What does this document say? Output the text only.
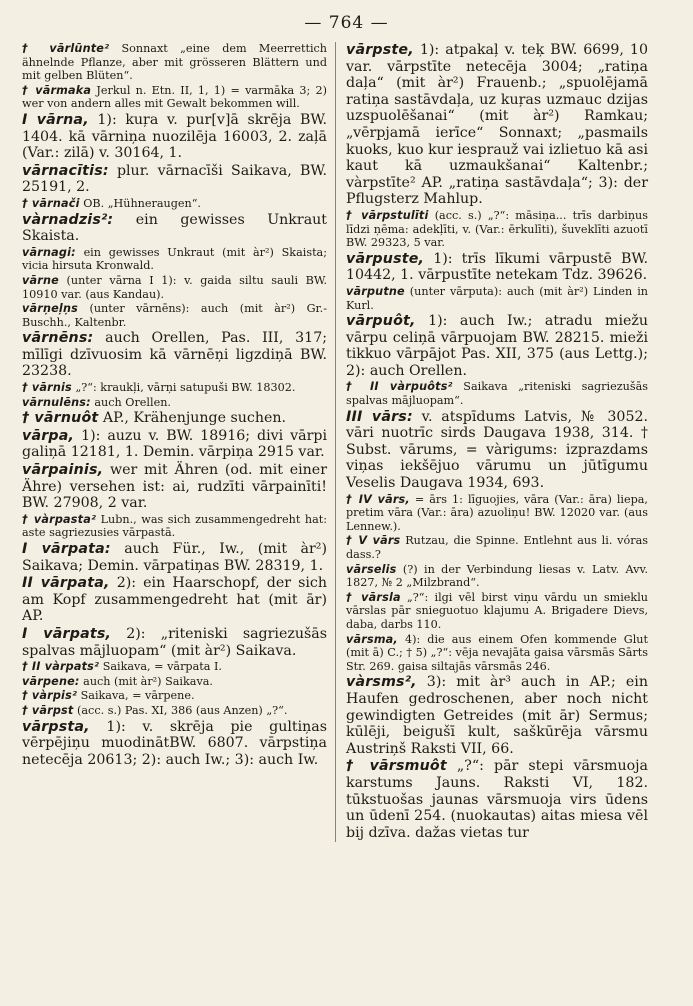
— 764 —
† vārlūnte² Sonnaxt „eine dem Meerrettich ähnelnde Pflanze, aber mit grösseren Blättern und mit gelben Blüten“.
† vārmaka Jerkul n. Etn. II, 1, 1) = varmāka 3; 2) wer von andern alles mit Gewalt bekommen will.
I vārna, 1): kuŗa v. pur[v]ā skrēja BW. 1404. kā vārniņa nuozilēja 16003, 2. zaļā (Var.: zilā) v. 30164, 1.
vārnacītis: plur. vārnacīši Saikava, BW. 25191, 2.
† vārnači OB. „Hühneraugen“.
vàrnadzis²: ein gewisses Unkraut Skaista.
vārnagi: ein gewisses Unkraut (mit àr²) Skaista; vicia hirsuta Kronwald.
vārne (unter vārna I 1): v. gaida siltu sauli BW. 10910 var. (aus Kandau).
vārņeļņs (unter vārnēns): auch (mit àr²) Gr.-Buschh., Kaltenbr.
vārnēns: auch Orellen, Pas. III, 317; mīlīgi dzīvuosim kā vārnēņi ligzdiņā BW. 23238.
† vārnis „?“: kraukļi, vārņi satupuši BW. 18302.
vārnulēns: auch Orellen.
† vārnuôt AP., Krähenjunge suchen.
vārpa, 1): auzu v. BW. 18916; divi vārpi galiņā 12181, 1. Demin. vārpiņa 2915 var.
vārpainis, wer mit Ähren (od. mit einer Ähre) versehen ist: ai, rudzīti vārpainīti! BW. 27908, 2 var.
† vàrpasta² Lubn., was sich zusammengedreht hat: aste sagriezusies vārpastā.
I vārpata: auch Für., Iw., (mit àr²) Saikava; Demin. vārpatiņas BW. 28319, 1.
II vārpata, 2): ein Haarschopf, der sich am Kopf zusammengedreht hat (mit ār) AP.
I vārpats, 2): „riteniski sagriezušās spalvas mājluopam“ (mit àr²) Saikava.
† II vàrpats² Saikava, = vārpata I.
vārpene: auch (mit àr²) Saikava.
† vàrpis² Saikava, = vārpene.
† vārpst (acc. s.) Pas. XI, 386 (aus Anzen) „?“.
vārpsta, 1): v. skrēja pie gultiņas vērpējiņu muodinātBW. 6807. vārpstiņa netecēja 20613; 2): auch Iw.; 3): auch Iw.
vārpste, 1): atpakaļ v. teķ BW. 6699, 10 var. vārpstīte netecēja 3004; „ratiņa daļa“ (mit àr²) Frauenb.; „spuolējamā ratiņa sastāvdaļa, uz kuŗas uzmauc dzijas uzspuolēšanai“ (mit àr²) Ramkau; „vērpjamā ierīce“ Sonnaxt; „pasmails kuoks, kuo kur iesprauž vai izlietuo kā asi kaut kā uzmaukšanai“ Kaltenbr.; vàrpstīte² AP. „ratiņa sastāvdaļa“; 3): der Pflugsterz Mahlup.
† vārpstulīti (acc. s.) „?“: māsiņa... trīs darbiņus līdzi ņēma: adekļīti, v. (Var.: ērkulīti), šuveklīti azuotī BW. 29323, 5 var.
vārpuste, 1): trīs līkumi vārpustē BW. 10442, 1. vārpustīte netekam Tdz. 39626.
vārputne (unter vārputa): auch (mit àr²) Linden in Kurl.
vārpuôt, 1): auch Iw.; atradu miežu vārpu celiņā vārpuojam BW. 28215. mieži tikkuo vārpājot Pas. XII, 375 (aus Lettg.); 2): auch Orellen.
† II vàrpuôts² Saikava „riteniski sagriezušās spalvas mājluopam“.
III vārs: v. atspīdums Latvis, № 3052. vāri nuotrīc sirds Daugava 1938, 314. † Subst. vārums, = vàrigums: izprazdams viņas iekšējuo vārumu un jūtīgumu Veselis Daugava 1934, 693.
† IV vārs, = ārs 1: līguojies, vāra (Var.: āra) liepa, pretim vāra (Var.: āra) azuoliņu! BW. 12020 var. (aus Lennew.).
† V vārs Rutzau, die Spinne. Entlehnt aus li. vóras dass.?
vārselis (?) in der Verbindung liesas v. Latv. Avv. 1827, № 2 „Milzbrand“.
† vārsla „?“: ilgi vēl birst viņu vārdu un smieklu vārslas pār snieguotuo klajumu A. Brigadere Dievs, daba, darbs 110.
vārsma, 4): die aus einem Ofen kommende Glut (mit ā) C.; † 5) „?“: vēja nevajāta gaisa vārsmās Sārts Str. 269. gaisa siltajās vārsmās 246.
vàrsms², 3): mit àr³ auch in AP.; ein Haufen gedroschenen, aber noch nicht gewindigten Getreides (mit ār) Sermus; kūlēji, beigušī kult, saškūrēja vārsmu Austriņš Raksti VII, 66.
† vārsmuôt „?“: pār stepi vārsmuoja karstums Jauns. Raksti VI, 182. tūkstuošas jaunas vārsmuoja virs ūdens un ūdenī 254. (nuokautas) aitas miesa vēl bij dzīva. dažas vietas tur
